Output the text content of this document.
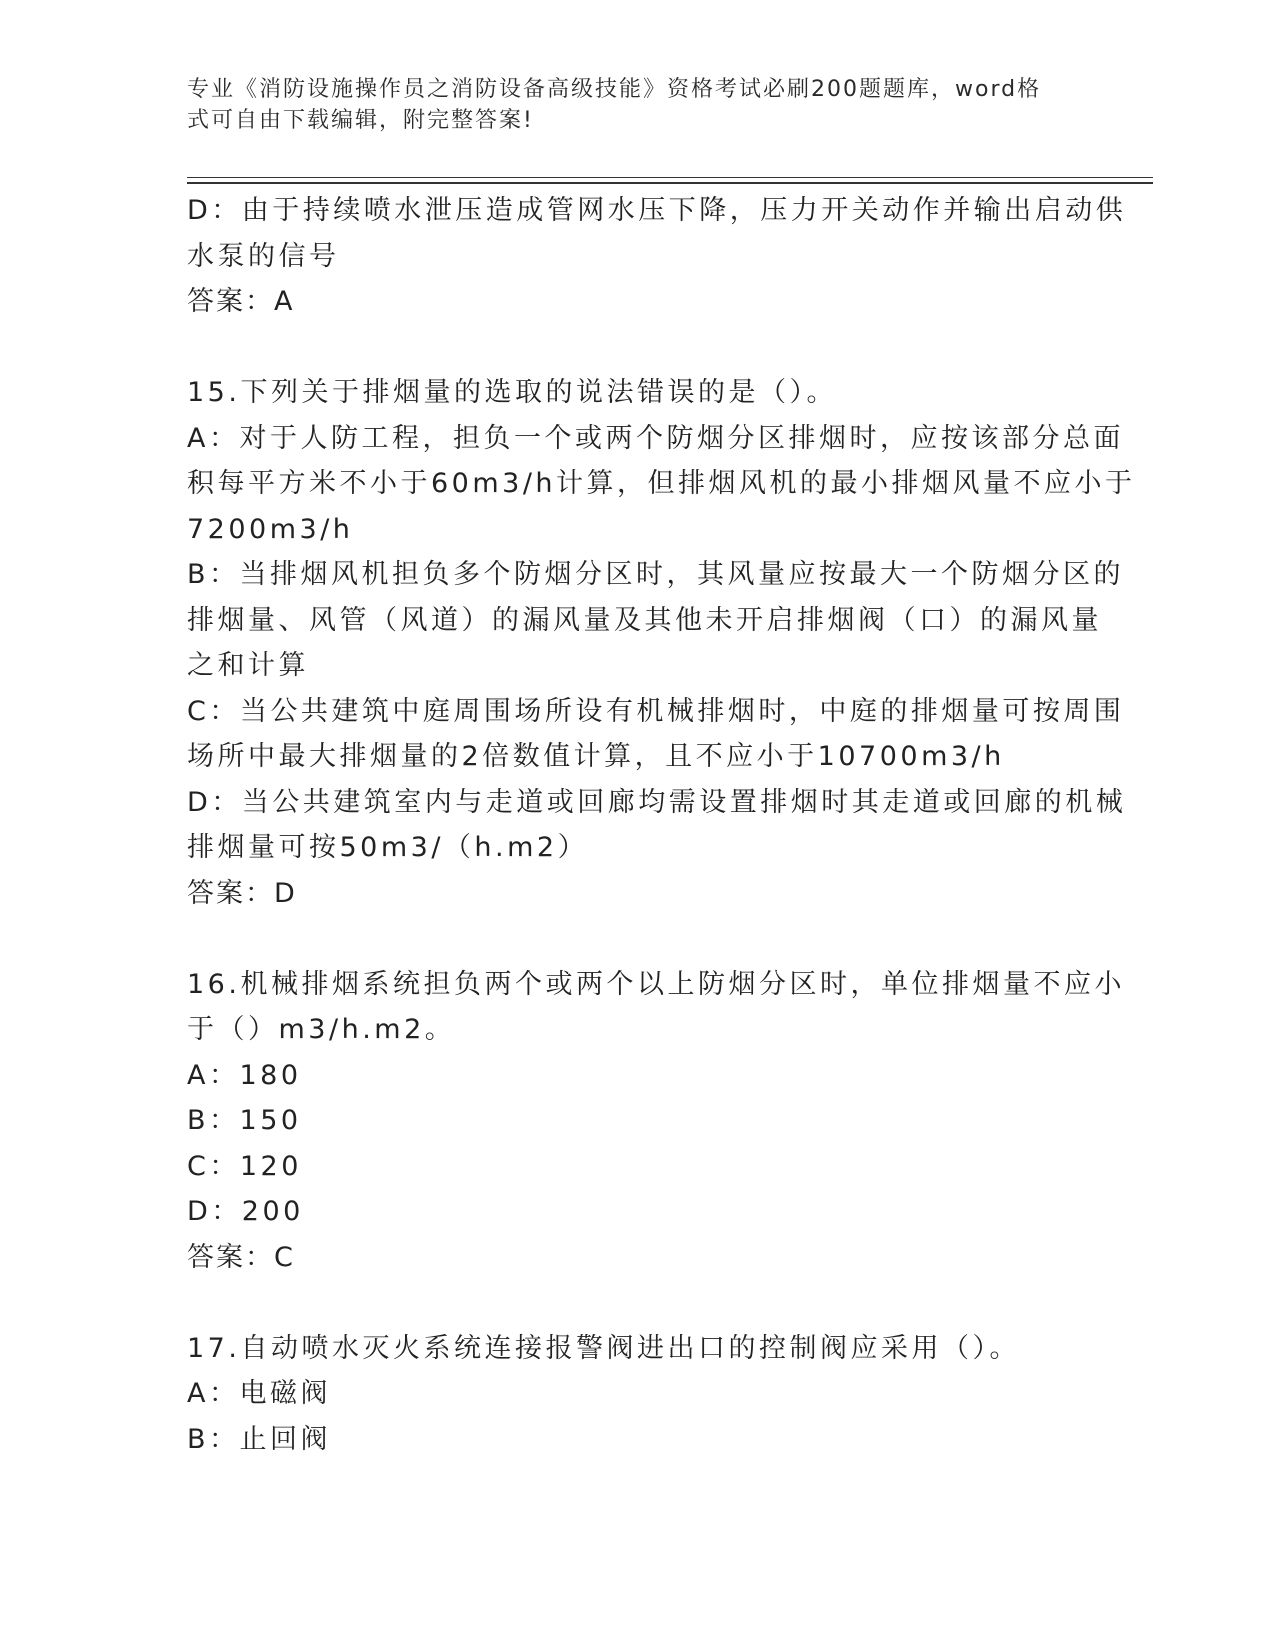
专业《消防设施操作员之消防设备高级技能》资格考试必刷200题题库，word格
式可自由下载编辑，附完整答案!
D：由于持续喷水泄压造成管网水压下降，压力开关动作并输出启动供
水泵的信号
答案：A
15.下列关于排烟量的选取的说法错误的是（）。
A：对于人防工程，担负一个或两个防烟分区排烟时，应按该部分总面
积每平方米不小于60m3/h计算，但排烟风机的最小排烟风量不应小于
7200m3/h
B：当排烟风机担负多个防烟分区时，其风量应按最大一个防烟分区的
排烟量、风管（风道）的漏风量及其他未开启排烟阀（口）的漏风量
之和计算
C：当公共建筑中庭周围场所设有机械排烟时，中庭的排烟量可按周围
场所中最大排烟量的2倍数值计算，且不应小于10700m3/h
D：当公共建筑室内与走道或回廊均需设置排烟时其走道或回廊的机械
排烟量可按50m3/（h.m2）
答案：D
16.机械排烟系统担负两个或两个以上防烟分区时，单位排烟量不应小
于（）m3/h.m2。
A：180
B：150
C：120
D：200
答案：C
17.自动喷水灭火系统连接报警阀进出口的控制阀应采用（）。
A：电磁阀
B：止回阀
